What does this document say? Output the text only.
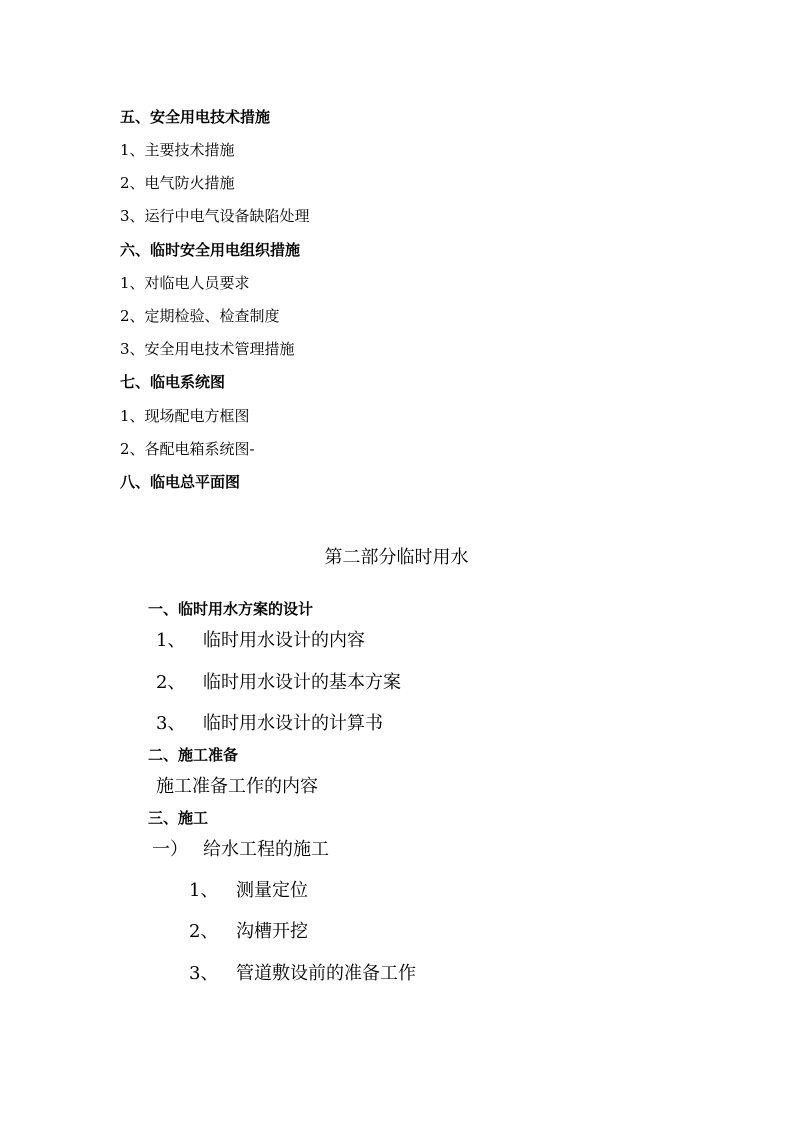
五、安全用电技术措施
1、主要技术措施
2、电气防火措施
3、运行中电气设备缺陷处理
六、临时安全用电组织措施
1、对临电人员要求
2、定期检验、检查制度
3、安全用电技术管理措施
七、临电系统图
1、现场配电方框图
2、各配电箱系统图-
八、临电总平面图
第二部分临时用水
一、临时用水方案的设计
1、 临时用水设计的内容
2、 临时用水设计的基本方案
3、 临时用水设计的计算书
二、施工准备
施工准备工作的内容
三、施工
一） 给水工程的施工
1、 测量定位
2、 沟槽开挖
3、 管道敷设前的准备工作
